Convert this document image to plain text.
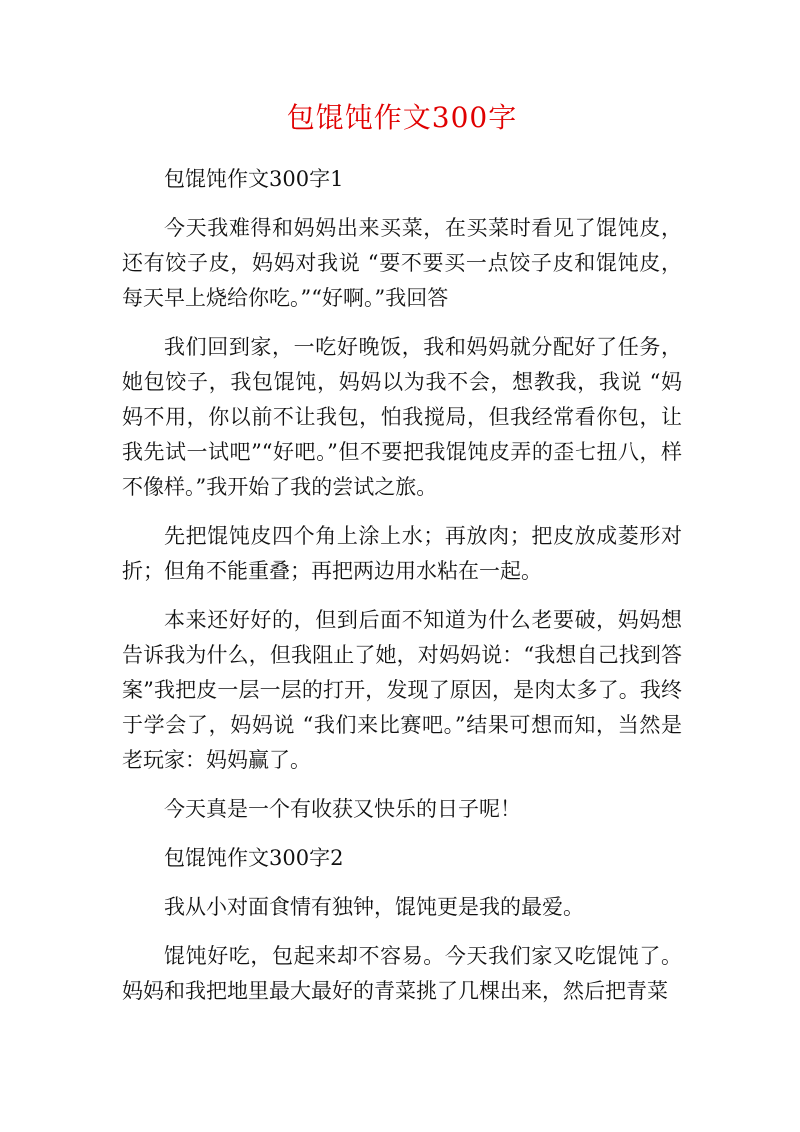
包馄饨作文300字

包馄饨作文300字1

今天我难得和妈妈出来买菜，在买菜时看见了馄饨皮，还有饺子皮，妈妈对我说 “要不要买一点饺子皮和馄饨皮，每天早上烧给你吃。”“好啊。”我回答

我们回到家，一吃好晚饭，我和妈妈就分配好了任务，她包饺子，我包馄饨，妈妈以为我不会，想教我，我说 “妈妈不用，你以前不让我包，怕我搅局，但我经常看你包，让我先试一试吧”“好吧。”但不要把我馄饨皮弄的歪七扭八，样不像样。”我开始了我的尝试之旅。

先把馄饨皮四个角上涂上水；再放肉；把皮放成菱形对折；但角不能重叠；再把两边用水粘在一起。

本来还好好的，但到后面不知道为什么老要破，妈妈想告诉我为什么，但我阻止了她，对妈妈说：“我想自己找到答案”我把皮一层一层的打开，发现了原因，是肉太多了。我终于学会了，妈妈说 “我们来比赛吧。”结果可想而知，当然是老玩家：妈妈赢了。

今天真是一个有收获又快乐的日子呢！

包馄饨作文300字2

我从小对面食情有独钟，馄饨更是我的最爱。

馄饨好吃，包起来却不容易。今天我们家又吃馄饨了。妈妈和我把地里最大最好的青菜挑了几棵出来，然后把青菜
